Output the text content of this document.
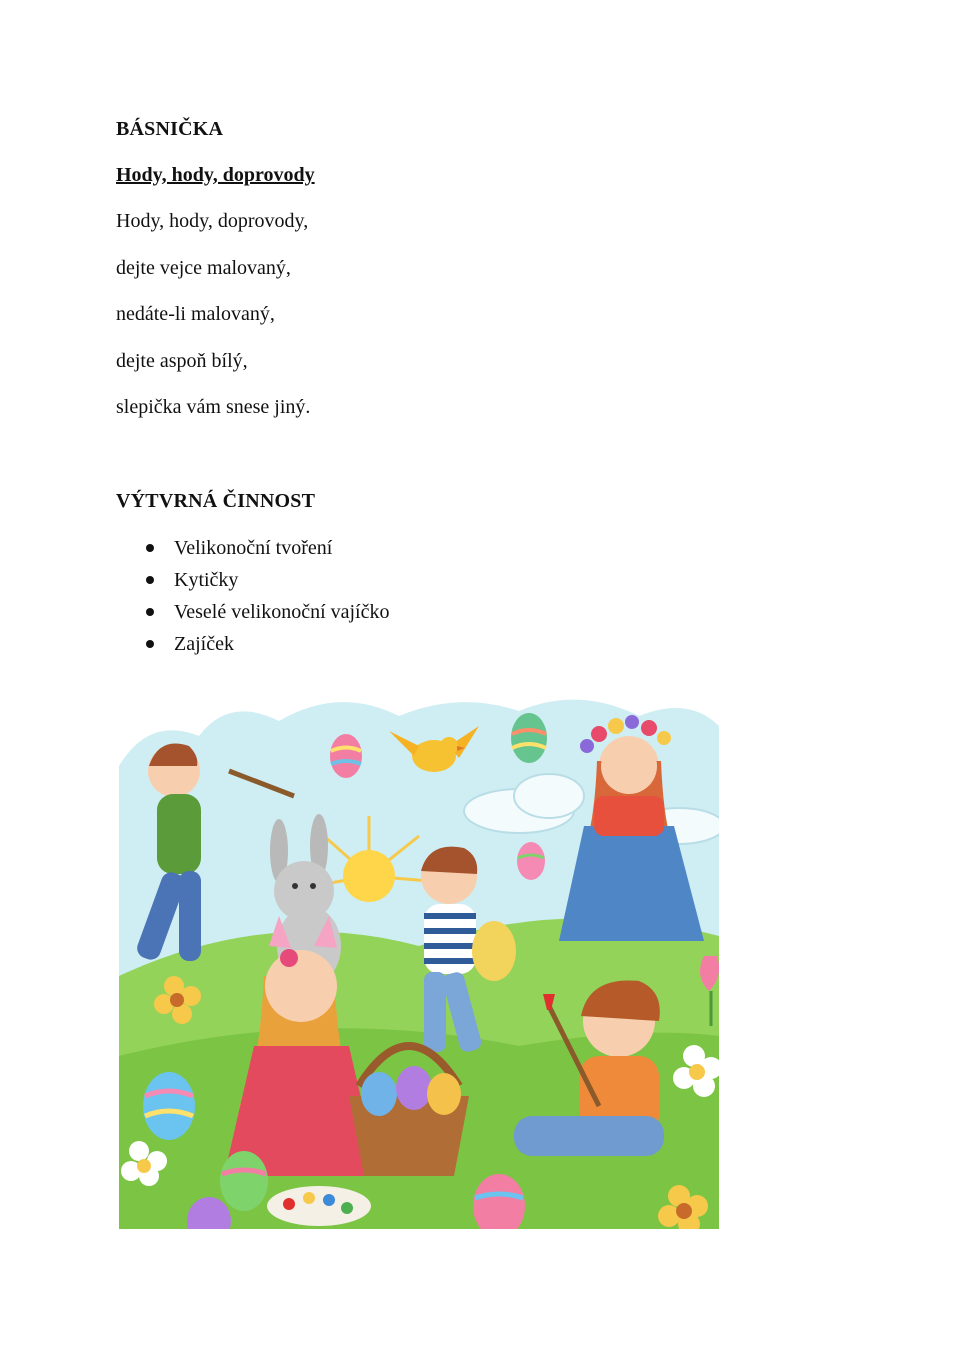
BÁSNIČKA

Hody, hody, doprovody

Hody, hody, doprovody,

dejte vejce malovaný,

nedáte-li malovaný,

dejte aspoň bílý,

slepička vám snese jiný.

VÝTVRNÁ ČINNOST
Velikonoční tvoření
Kytičky
Veselé velikonoční vajíčko
Zajíček
